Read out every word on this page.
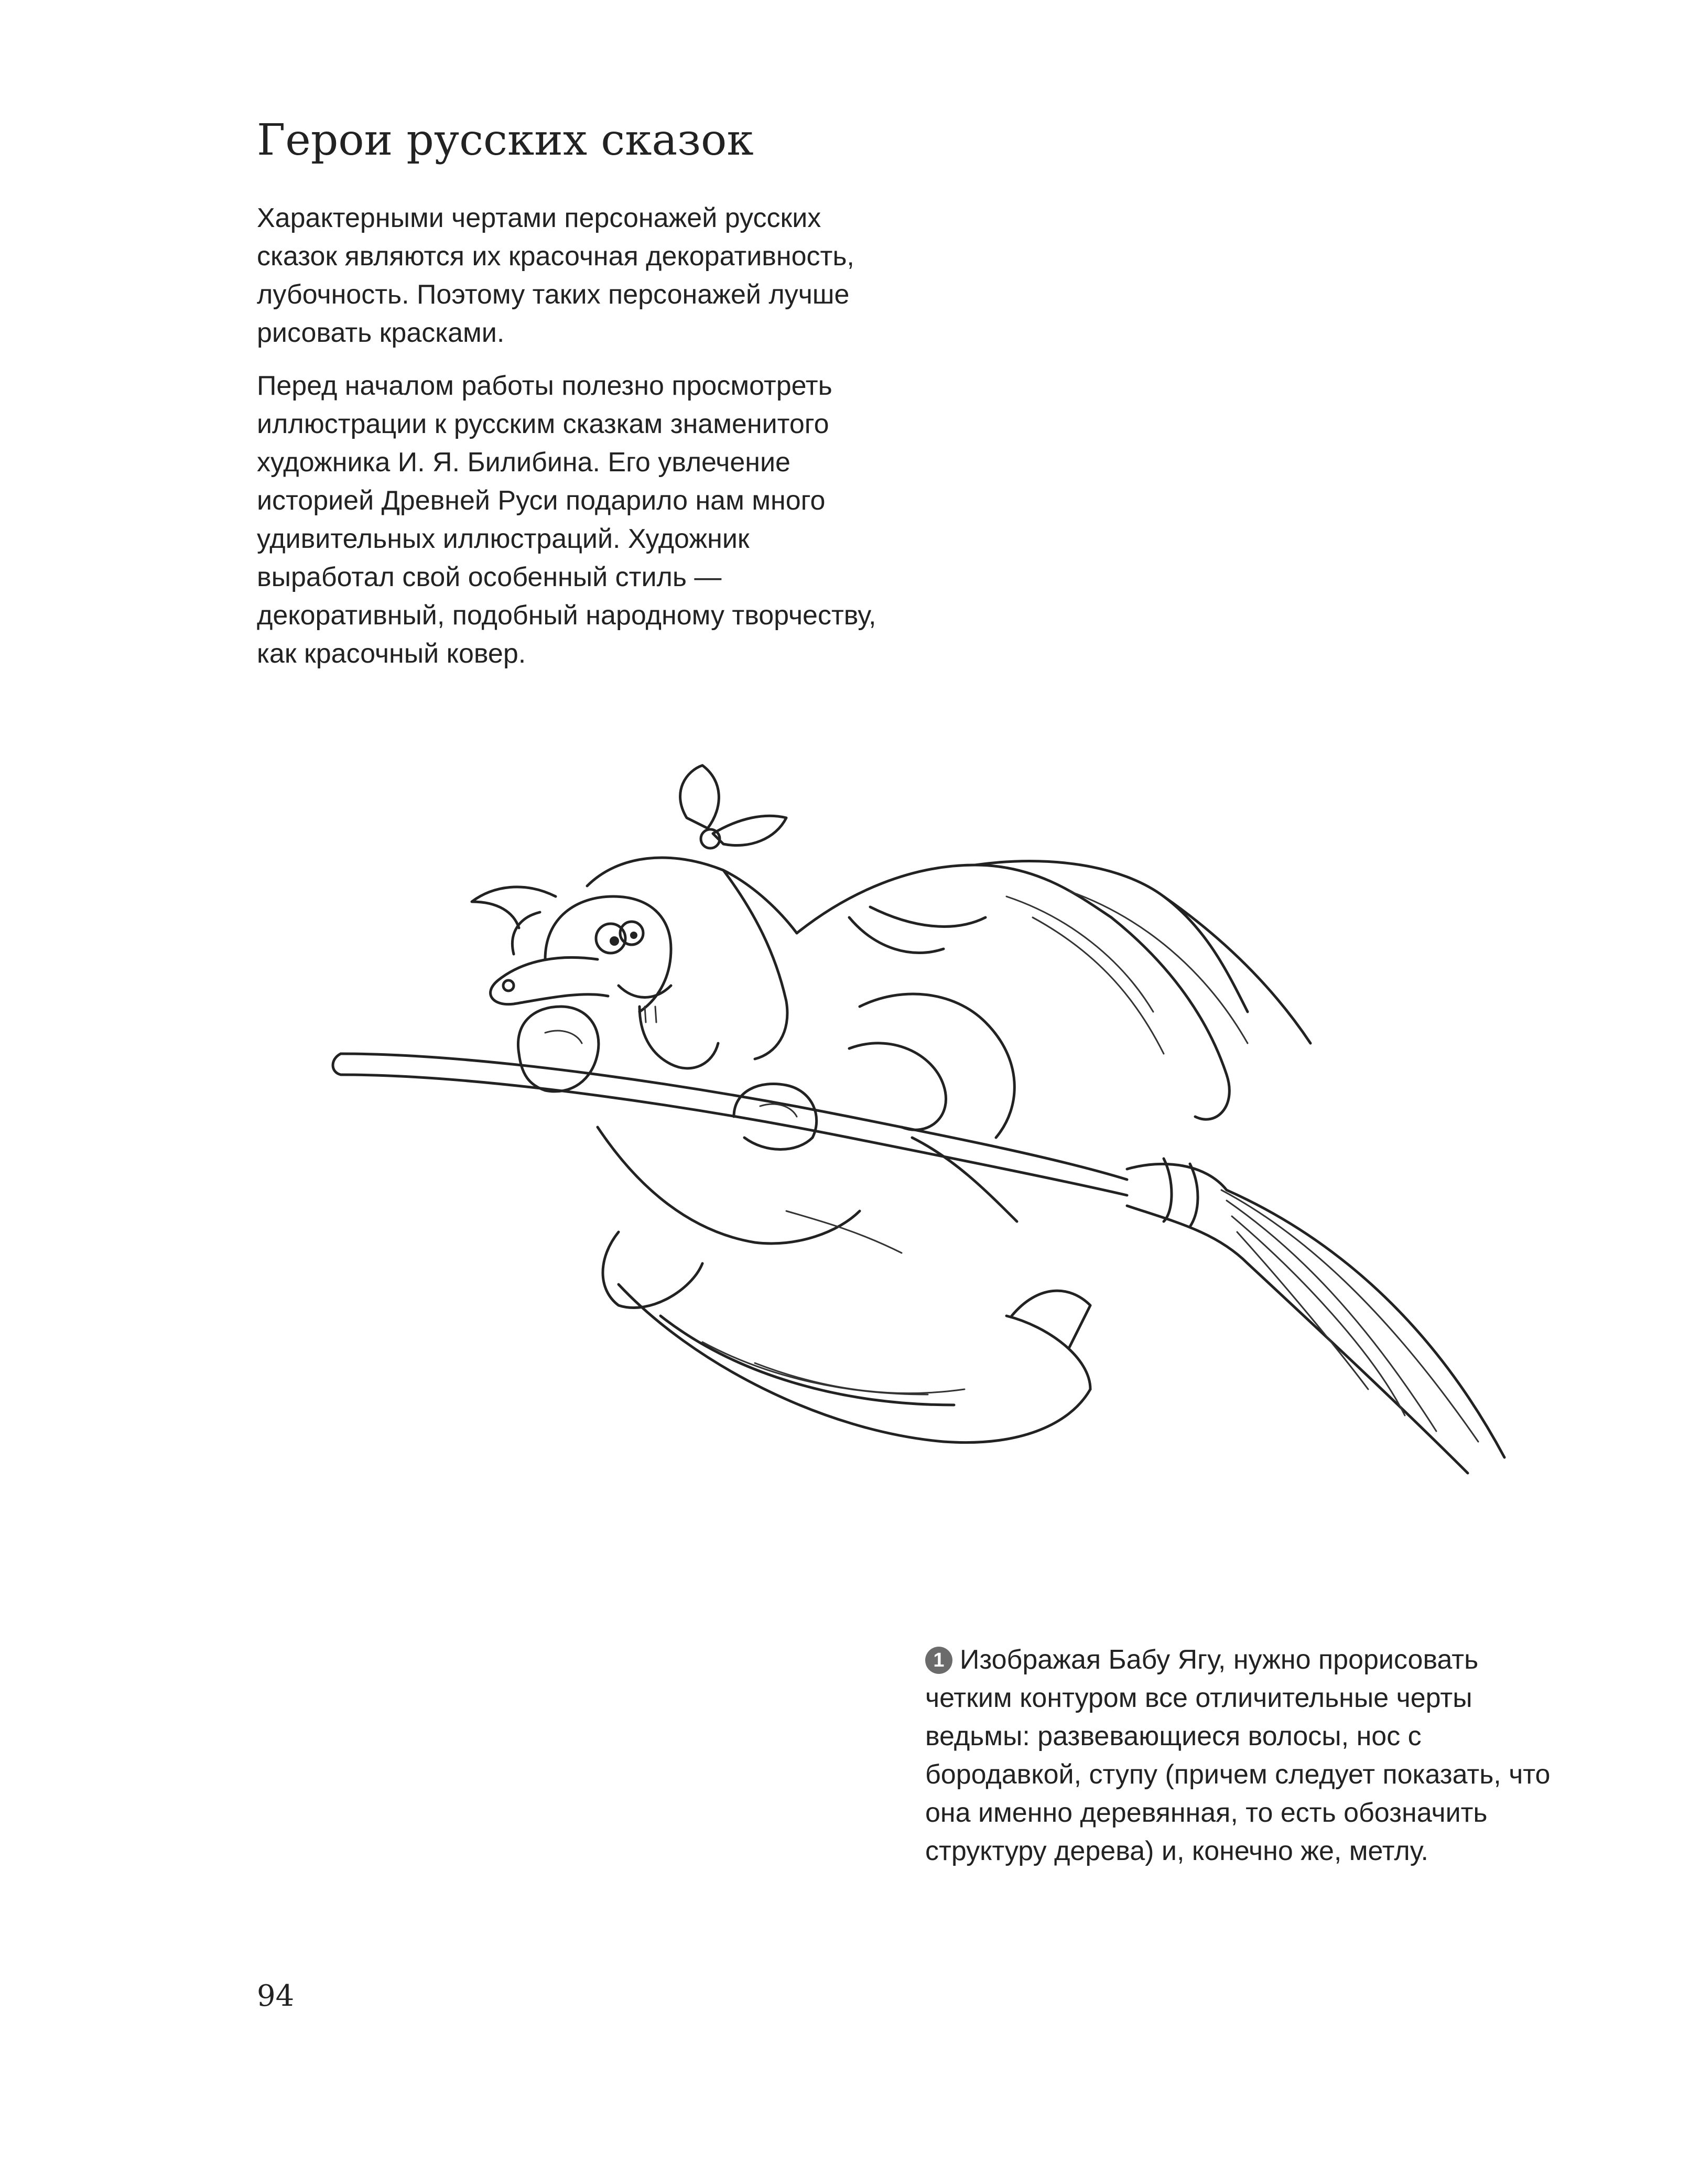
Герои русских сказок

Характерными чертами персонажей русских сказок являются их красочная декоративность, лубочность. Поэтому таких персонажей лучше рисовать красками.

Перед началом работы полезно просмотреть иллюстрации к русским сказкам знаменитого художника И. Я. Билибина. Его увлечение историей Древней Руси подарило нам много удивительных иллюстраций. Художник выработал свой особенный стиль — декоративный, подобный народному творчеству, как красочный ковер.

1 Изображая Бабу Ягу, нужно прорисовать четким контуром все отличительные черты ведьмы: развевающиеся волосы, нос с бородавкой, ступу (причем следует показать, что она именно деревянная, то есть обозначить структуру дерева) и, конечно же, метлу.
94
